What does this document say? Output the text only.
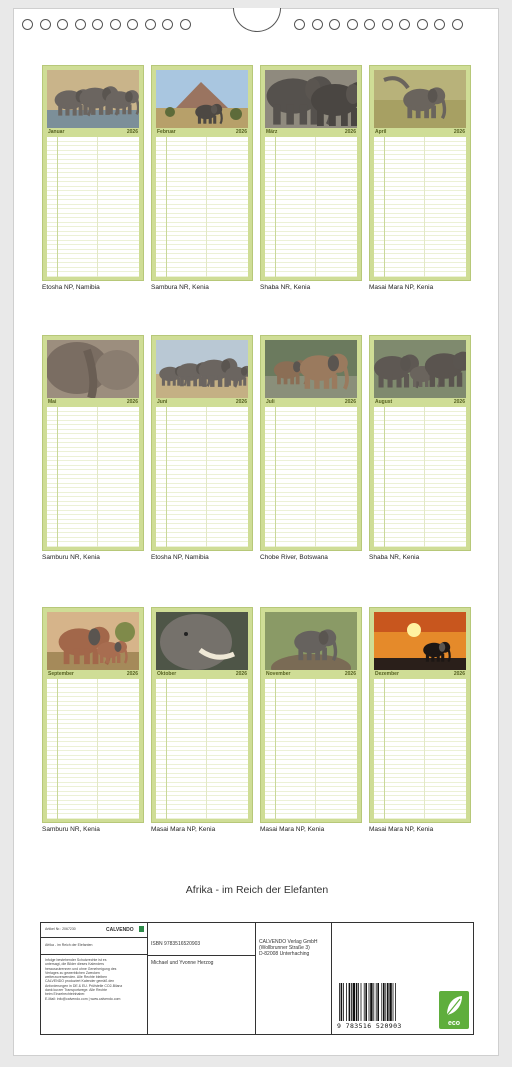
Januar	2026
Etosha NP, Namibia
Februar	2026
Sambura NR, Kenia
März	2026
Shaba NR, Kenia
April	2026
Masai Mara NP, Kenia
Mai	2026
Samburu NR, Kenia
Juni	2026
Etosha NP, Namibia
Juli	2026
Chobe River, Botswana
August	2026
Shaba NR, Kenia
September	2026
Samburu NR, Kenia
Oktober	2026
Masai Mara NP, Kenia
November	2026
Masai Mara NP, Kenia
Dezember	2026
Masai Mara NP, Kenia
Afrika - im Reich der Elefanten
Artikel Nr.: 2067230	CALVENDO
Afrika - im Reich der Elefanten
Infolge bestehender Schutzrechte ist es
untersagt, die Bilder dieses Kalenders
herauszutrennen und ohne Genehmigung des
Verlages zu gewerblichen Zwecken
weiterzuverwenden. Alle Rechte bleiben
CALVENDO produziert Kalender gemäß den
Anforderungen in DE & EU. Prüfstelle CO2-Bilanz
dank kurzer Transportwege. Alle Rechte
beim Einzelrechteinhaber.
E-Mail: info@calvendo.com | www.calvendo.com
ISBN 9783516520903
Michael und Yvonne Herzog
CALVENDO Verlag GmbH
(Wollbrunner Straße 3)
D-82008 Unterhaching
9 783516 520903	eco
